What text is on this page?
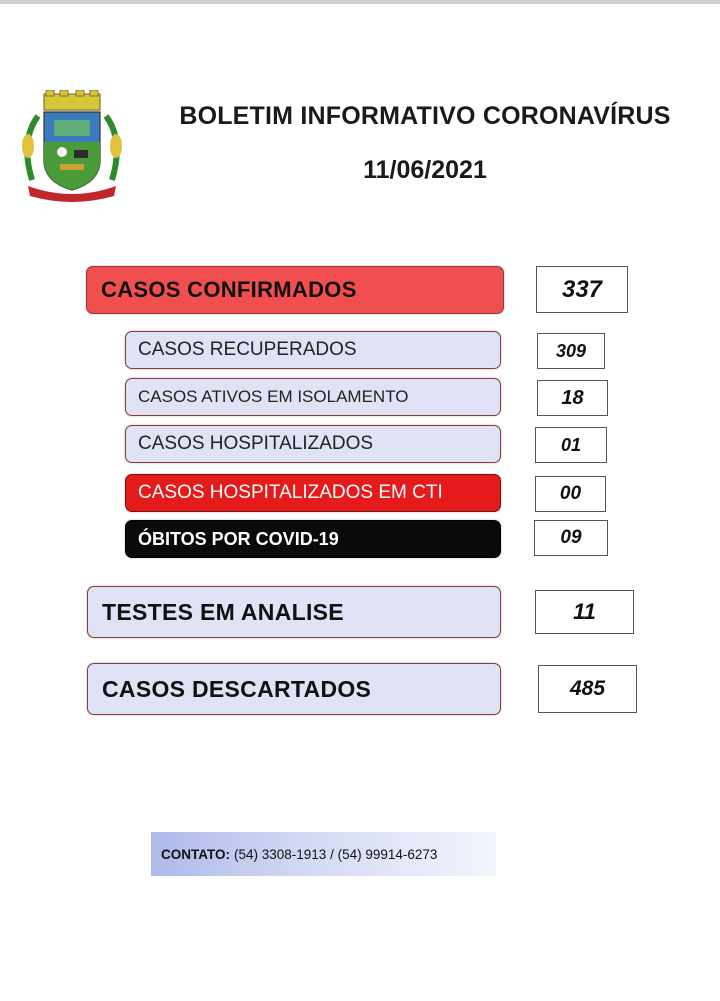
BOLETIM INFORMATIVO CORONAVÍRUS
11/06/2021
CASOS CONFIRMADOS	337
CASOS RECUPERADOS	309
CASOS ATIVOS EM ISOLAMENTO	18
CASOS HOSPITALIZADOS	01
CASOS HOSPITALIZADOS EM CTI	00
ÓBITOS POR COVID-19	09
TESTES EM ANALISE	11
CASOS DESCARTADOS	485
CONTATO: (54) 3308-1913 / (54) 99914-6273
